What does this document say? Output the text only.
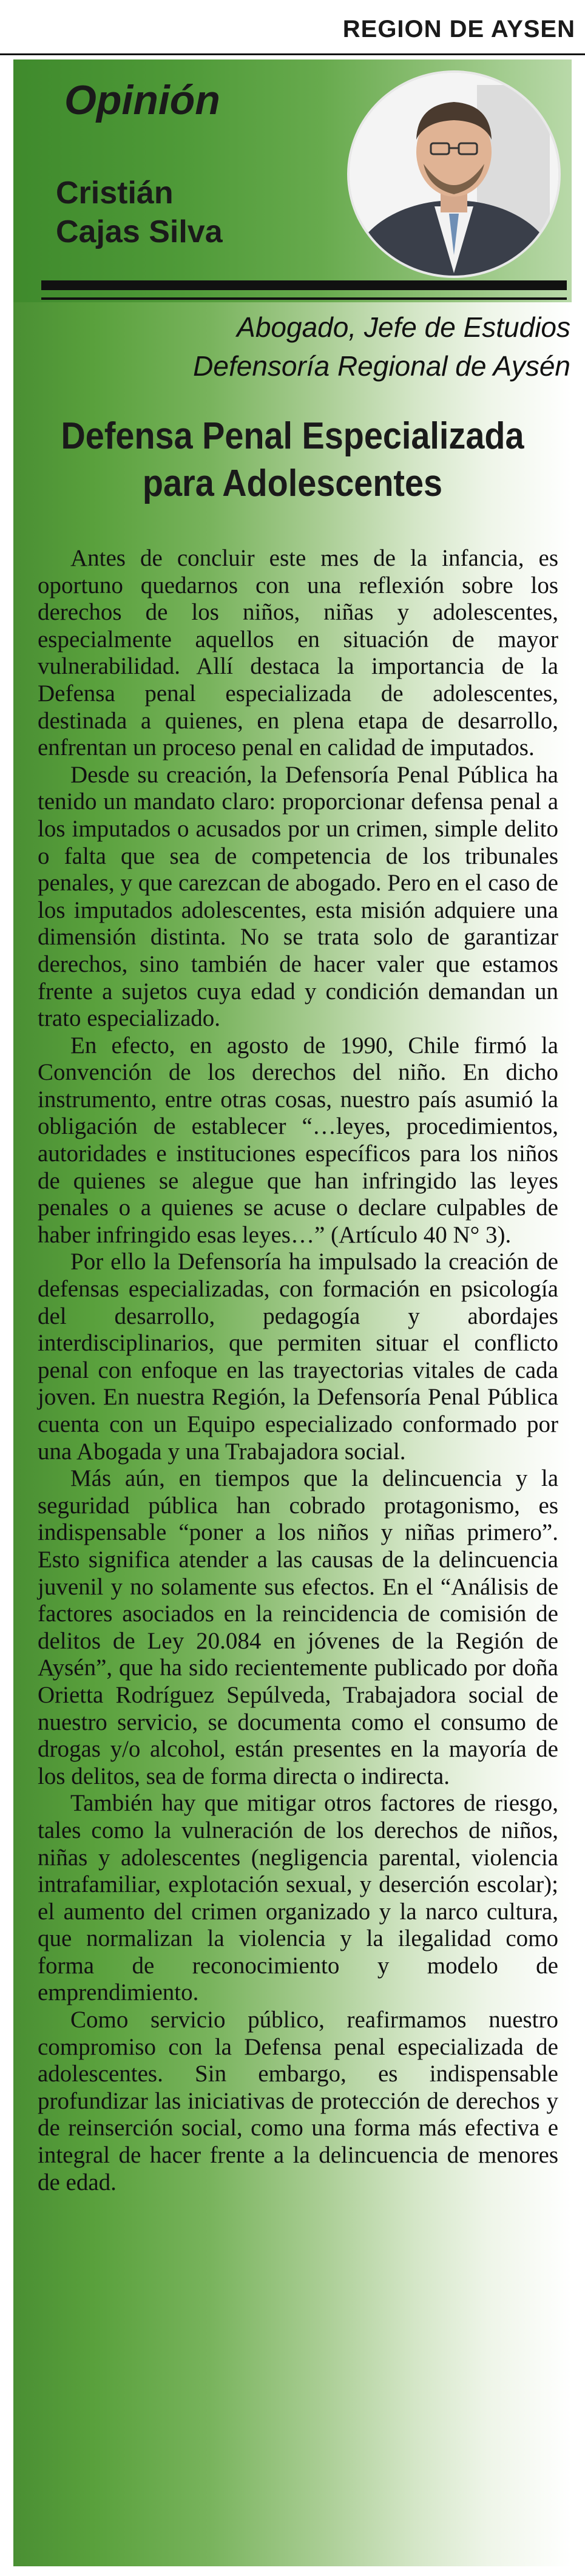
REGION DE AYSEN
Opinión
Cristián
Cajas Silva
Abogado, Jefe de Estudios
Defensoría Regional de Aysén
Defensa Penal Especializada
para Adolescentes

Antes de concluir este mes de la infancia, es oportuno quedarnos con una reflexión sobre los derechos de los niños, niñas y adolescentes, especialmente aquellos en situación de mayor vulnerabilidad. Allí destaca la importancia de la Defensa penal especializada de adolescentes, destinada a quienes, en plena etapa de desarrollo, enfrentan un proceso penal en calidad de imputados.

Desde su creación, la Defensoría Penal Pública ha tenido un mandato claro: proporcionar defensa penal a los imputados o acusados por un crimen, simple delito o falta que sea de competencia de los tribunales penales, y que carezcan de abogado. Pero en el caso de los imputados adolescentes, esta misión adquiere una dimensión distinta. No se trata solo de garantizar derechos, sino también de hacer valer que estamos frente a sujetos cuya edad y condición demandan un trato especializado.

En efecto, en agosto de 1990, Chile firmó la Convención de los derechos del niño. En dicho instrumento, entre otras cosas, nuestro país asumió la obligación de establecer “…leyes, procedimientos, autoridades e instituciones específicos para los niños de quienes se alegue que han infringido las leyes penales o a quienes se acuse o declare culpables de haber infringido esas leyes…” (Artículo 40 N° 3).

Por ello la Defensoría ha impulsado la creación de defensas especializadas, con formación en psicología del desarrollo, pedagogía y abordajes interdisciplinarios, que permiten situar el conflicto penal con enfoque en las trayectorias vitales de cada joven. En nuestra Región, la Defensoría Penal Pública cuenta con un Equipo especializado conformado por una Abogada y una Trabajadora social.

Más aún, en tiempos que la delincuencia y la seguridad pública han cobrado protagonismo, es indispensable “poner a los niños y niñas primero”. Esto significa atender a las causas de la delincuencia juvenil y no solamente sus efectos. En el “Análisis de factores asociados en la reincidencia de comisión de delitos de Ley 20.084 en jóvenes de la Región de Aysén”, que ha sido recientemente publicado por doña Orietta Rodríguez Sepúlveda, Trabajadora social de nuestro servicio, se documenta como el consumo de drogas y/o alcohol, están presentes en la mayoría de los delitos, sea de forma directa o indirecta.

También hay que mitigar otros factores de riesgo, tales como la vulneración de los derechos de niños, niñas y adolescentes (negligencia parental, violencia intrafamiliar, explotación sexual, y deserción escolar); el aumento del crimen organizado y la narco cultura, que normalizan la violencia y la ilegalidad como forma de reconocimiento y modelo de emprendimiento.

Como servicio público, reafirmamos nuestro compromiso con la Defensa penal especializada de adolescentes. Sin embargo, es indispensable profundizar las iniciativas de protección de derechos y de reinserción social, como una forma más efectiva e integral de hacer frente a la delincuencia de menores de edad.
